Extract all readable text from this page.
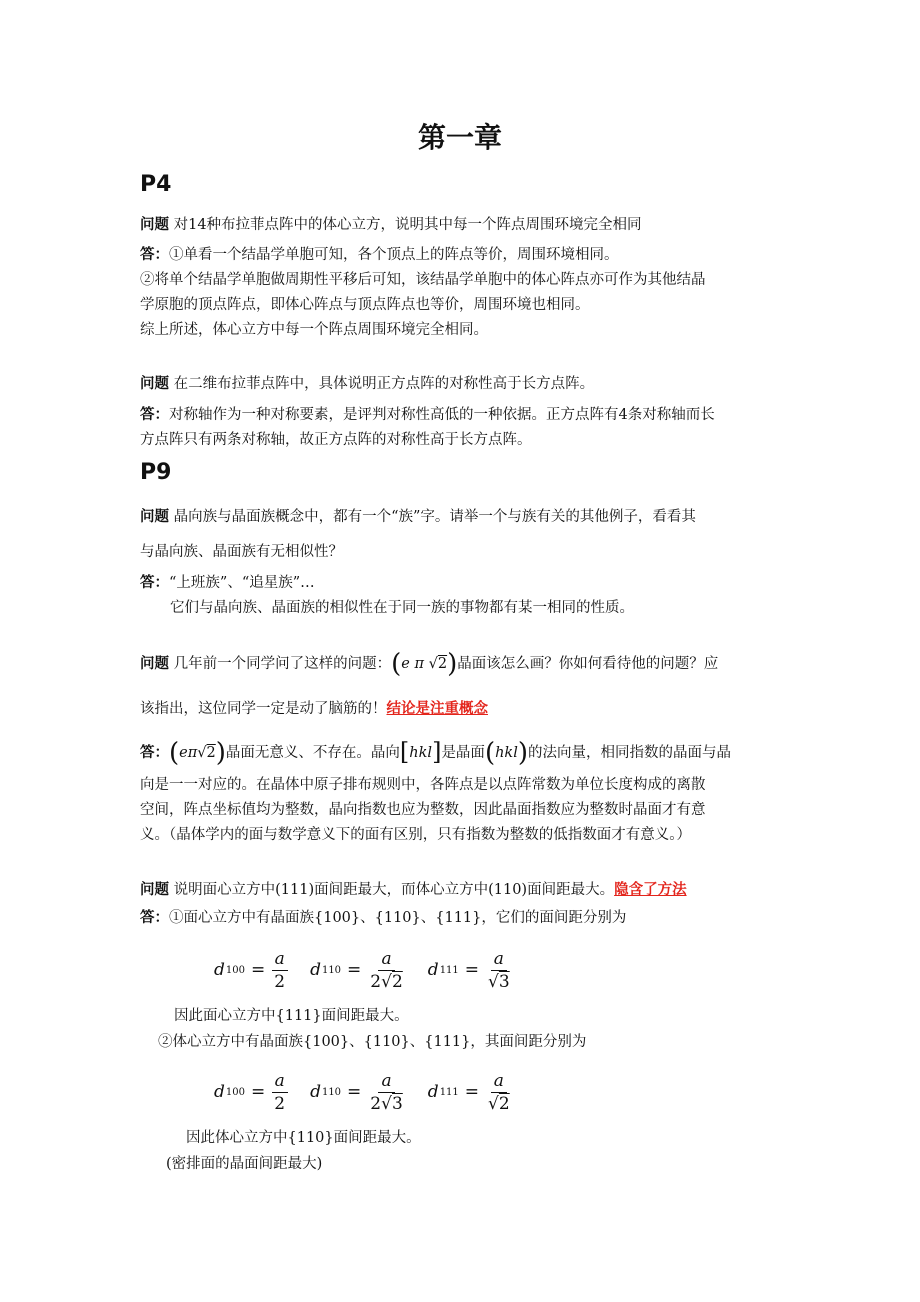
第一章
P4
问题 对14种布拉菲点阵中的体心立方，说明其中每一个阵点周围环境完全相同
答：①单看一个结晶学单胞可知，各个顶点上的阵点等价，周围环境相同。
②将单个结晶学单胞做周期性平移后可知，该结晶学单胞中的体心阵点亦可作为其他结晶
学原胞的顶点阵点，即体心阵点与顶点阵点也等价，周围环境也相同。
综上所述，体心立方中每一个阵点周围环境完全相同。
问题 在二维布拉菲点阵中，具体说明正方点阵的对称性高于长方点阵。
答：对称轴作为一种对称要素，是评判对称性高低的一种依据。正方点阵有4条对称轴而长
方点阵只有两条对称轴，故正方点阵的对称性高于长方点阵。
P9
问题 晶向族与晶面族概念中，都有一个“族”字。请举一个与族有关的其他例子，看看其
与晶向族、晶面族有无相似性？
答：“上班族”、“追星族”…
它们与晶向族、晶面族的相似性在于同一族的事物都有某一相同的性质。
问题 几年前一个同学问了这样的问题：(e π √2)晶面该怎么画？你如何看待他的问题？应
该指出，这位同学一定是动了脑筋的！结论是注重概念
答：(eπ√2)晶面无意义、不存在。晶向[hkl]是晶面(hkl)的法向量，相同指数的晶面与晶
向是一一对应的。在晶体中原子排布规则中，各阵点是以点阵常数为单位长度构成的离散
空间，阵点坐标值均为整数，晶向指数也应为整数，因此晶面指数应为整数时晶面才有意
义。（晶体学内的面与数学意义下的面有区别，只有指数为整数的低指数面才有意义。）
问题 说明面心立方中(111)面间距最大，而体心立方中(110)面间距最大。隐含了方法
答：①面心立方中有晶面族{100}、{110}、{111}，它们的面间距分别为
d $100 = \frac{a}{2}$ d $110 = \frac{a}{2√2}$ d $111 = \frac{a}{√3}$
因此面心立方中{111}面间距最大。
②体心立方中有晶面族{100}、{110}、{111}，其面间距分别为
d $100 = \frac{a}{2}$ d $110 = \frac{a}{2√3}$ d $111 = \frac{a}{√2}$
因此体心立方中{110}面间距最大。
(密排面的晶面间距最大)
